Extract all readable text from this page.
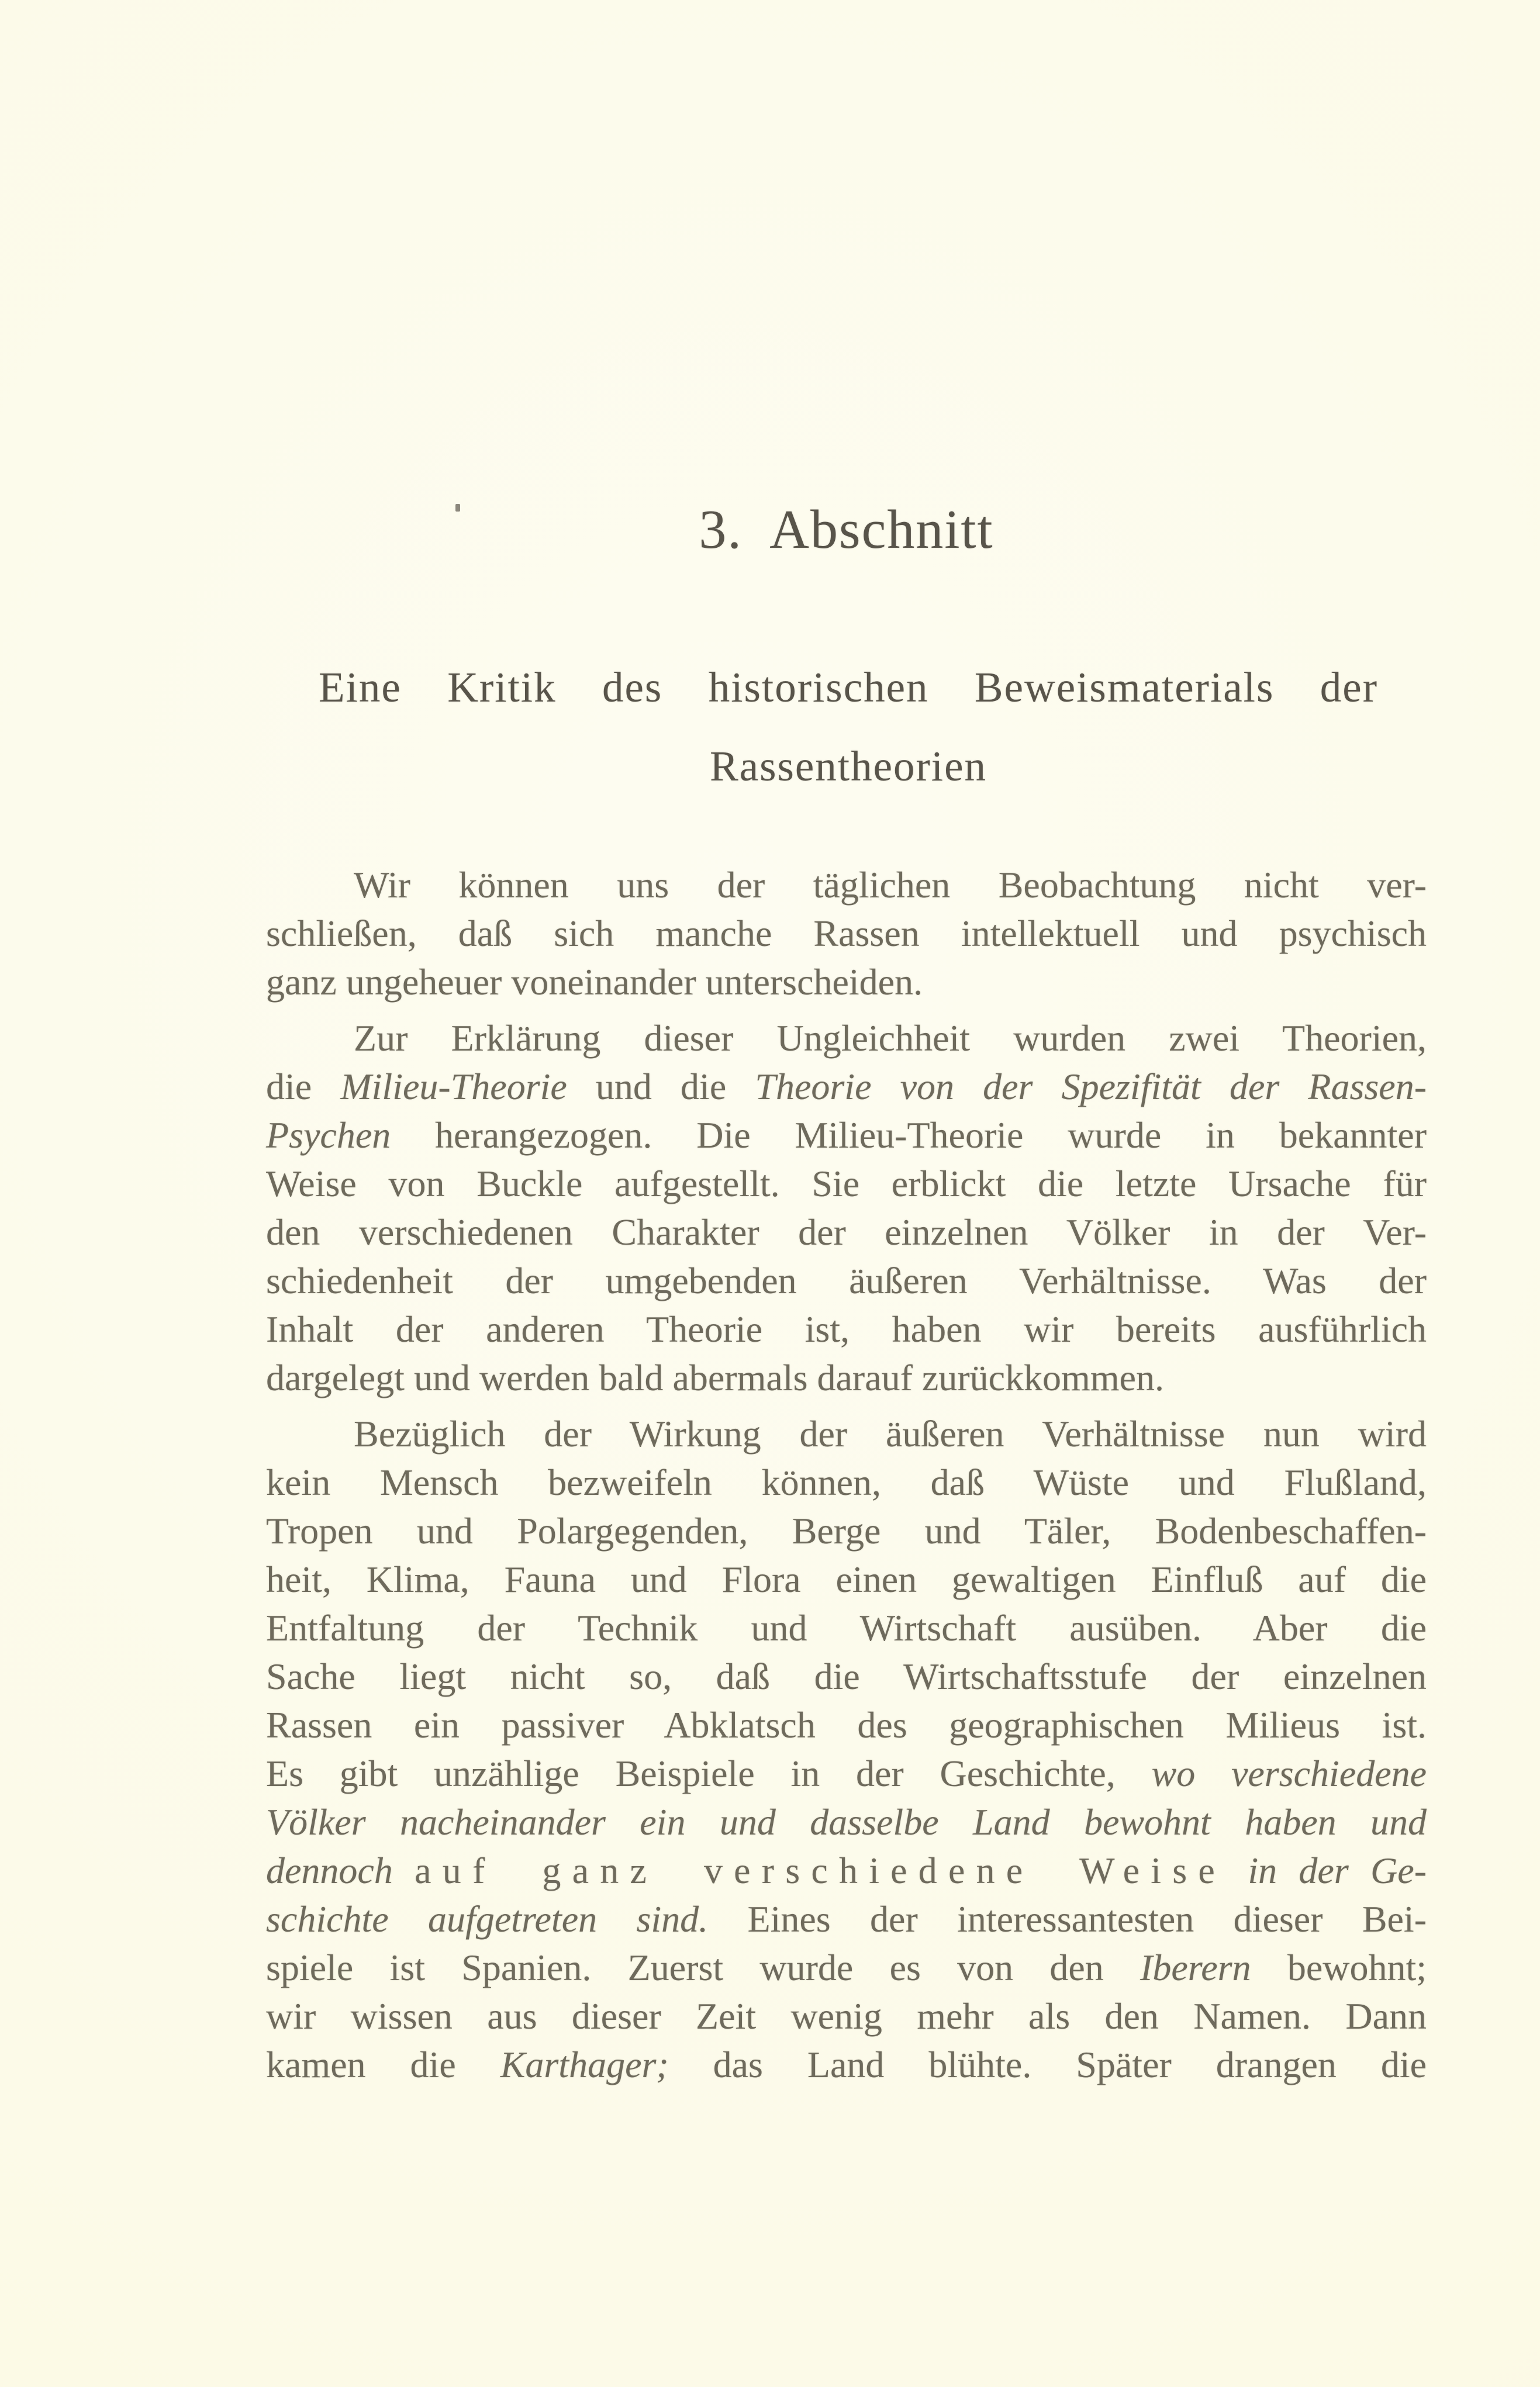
3. Abschnitt
Eine Kritik des historischen Beweismaterials der
Rassentheorien
Wir können uns der täglichen Beobachtung nicht ver-
schließen, daß sich manche Rassen intellektuell und psychisch
ganz ungeheuer voneinander unterscheiden.
Zur Erklärung dieser Ungleichheit wurden zwei Theorien,
die Milieu-Theorie und die Theorie von der Spezifität der Rassen-
Psychen herangezogen. Die Milieu-Theorie wurde in bekannter
Weise von Buckle aufgestellt. Sie erblickt die letzte Ursache für
den verschiedenen Charakter der einzelnen Völker in der Ver-
schiedenheit der umgebenden äußeren Verhältnisse. Was der
Inhalt der anderen Theorie ist, haben wir bereits ausführlich
dargelegt und werden bald abermals darauf zurückkommen.
Bezüglich der Wirkung der äußeren Verhältnisse nun wird
kein Mensch bezweifeln können, daß Wüste und Flußland,
Tropen und Polargegenden, Berge und Täler, Bodenbeschaffen-
heit, Klima, Fauna und Flora einen gewaltigen Einfluß auf die
Entfaltung der Technik und Wirtschaft ausüben. Aber die
Sache liegt nicht so, daß die Wirtschaftsstufe der einzelnen
Rassen ein passiver Abklatsch des geographischen Milieus ist.
Es gibt unzählige Beispiele in der Geschichte, wo verschiedene
Völker nacheinander ein und dasselbe Land bewohnt haben und
dennoch auf ganz verschiedene Weise in der Ge-
schichte aufgetreten sind. Eines der interessantesten dieser Bei-
spiele ist Spanien. Zuerst wurde es von den Iberern bewohnt;
wir wissen aus dieser Zeit wenig mehr als den Namen. Dann
kamen die Karthager; das Land blühte. Später drangen die
